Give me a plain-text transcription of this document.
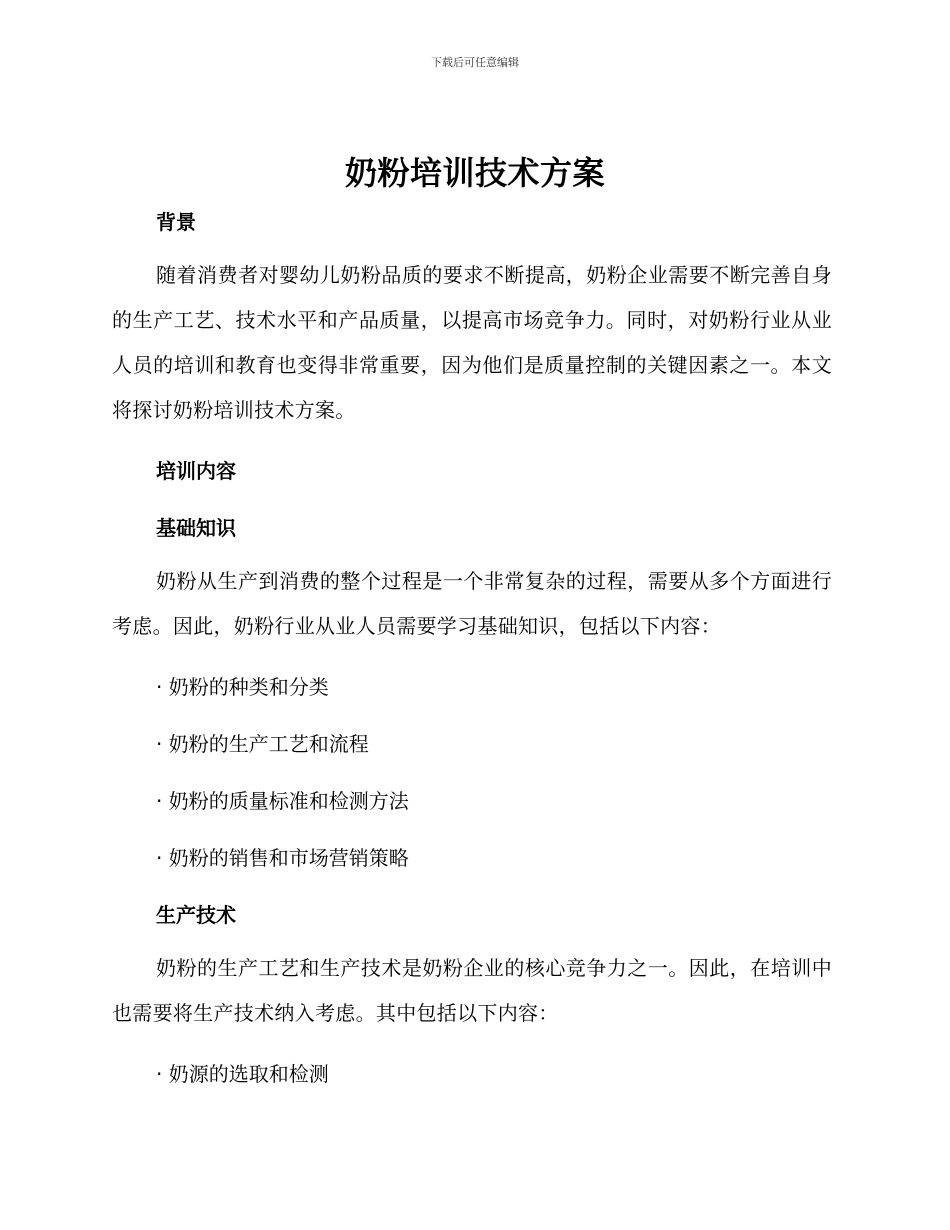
下载后可任意编辑
奶粉培训技术方案

背景

随着消费者对婴幼儿奶粉品质的要求不断提高，奶粉企业需要不断完善自身的生产工艺、技术水平和产品质量，以提高市场竞争力。同时，对奶粉行业从业人员的培训和教育也变得非常重要，因为他们是质量控制的关键因素之一。本文将探讨奶粉培训技术方案。

培训内容

基础知识

奶粉从生产到消费的整个过程是一个非常复杂的过程，需要从多个方面进行考虑。因此，奶粉行业从业人员需要学习基础知识，包括以下内容：

· 奶粉的种类和分类

· 奶粉的生产工艺和流程

· 奶粉的质量标准和检测方法

· 奶粉的销售和市场营销策略

生产技术

奶粉的生产工艺和生产技术是奶粉企业的核心竞争力之一。因此，在培训中也需要将生产技术纳入考虑。其中包括以下内容：

· 奶源的选取和检测
